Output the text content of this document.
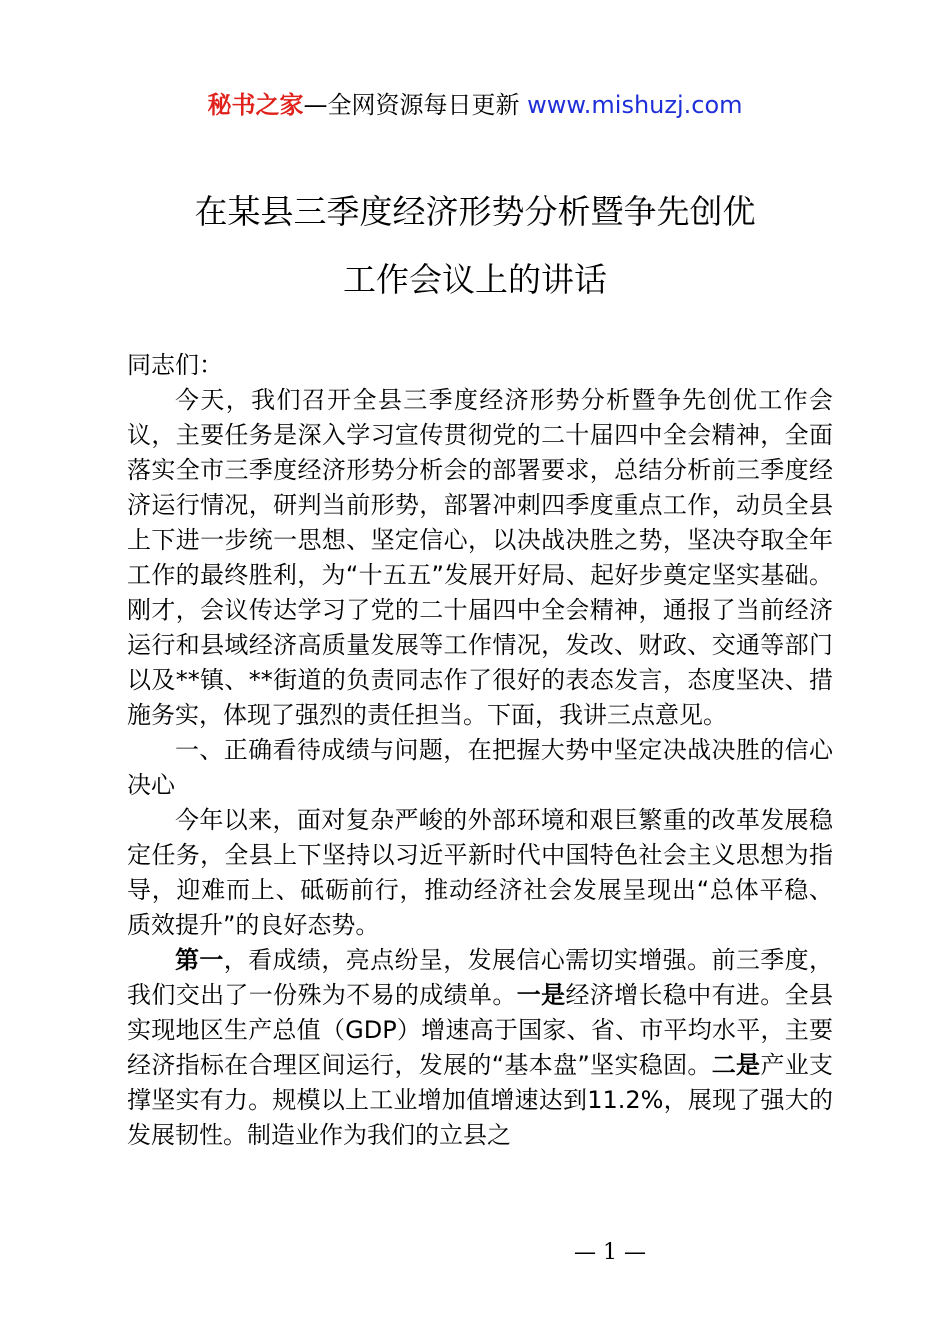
秘书之家—全网资源每日更新 www.mishuzj.com
在某县三季度经济形势分析暨争先创优
工作会议上的讲话

同志们：

今天，我们召开全县三季度经济形势分析暨争先创优工作会议，主要任务是深入学习宣传贯彻党的二十届四中全会精神，全面落实全市三季度经济形势分析会的部署要求，总结分析前三季度经济运行情况，研判当前形势，部署冲刺四季度重点工作，动员全县上下进一步统一思想、坚定信心，以决战决胜之势，坚决夺取全年工作的最终胜利，为“十五五”发展开好局、起好步奠定坚实基础。刚才，会议传达学习了党的二十届四中全会精神，通报了当前经济运行和县域经济高质量发展等工作情况，发改、财政、交通等部门以及**镇、**街道的负责同志作了很好的表态发言，态度坚决、措施务实，体现了强烈的责任担当。下面，我讲三点意见。

一、正确看待成绩与问题，在把握大势中坚定决战决胜的信心决心

今年以来，面对复杂严峻的外部环境和艰巨繁重的改革发展稳定任务，全县上下坚持以习近平新时代中国特色社会主义思想为指导，迎难而上、砥砺前行，推动经济社会发展呈现出“总体平稳、质效提升”的良好态势。

第一，看成绩，亮点纷呈，发展信心需切实增强。前三季度，我们交出了一份殊为不易的成绩单。一是经济增长稳中有进。全县实现地区生产总值（GDP）增速高于国家、省、市平均水平，主要经济指标在合理区间运行，发展的“基本盘”坚实稳固。二是产业支撑坚实有力。规模以上工业增加值增速达到11.2%，展现了强大的发展韧性。制造业作为我们的立县之

— 1 —
